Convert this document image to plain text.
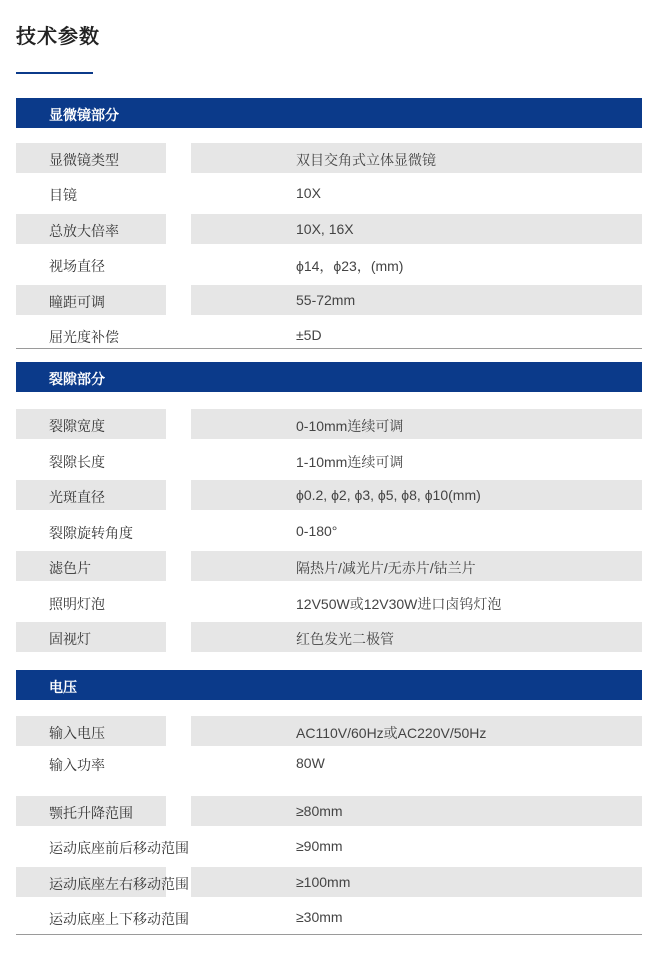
技术参数
显微镜部分
显微镜类型	双目交角式立体显微镜
目镜	10X
总放大倍率	10X, 16X
视场直径	ϕ14，ϕ23，(mm)
瞳距可调	55-72mm
屈光度补偿	±5D
裂隙部分
裂隙宽度	0-10mm连续可调
裂隙长度	1-10mm连续可调
光斑直径	ϕ0.2, ϕ2, ϕ3, ϕ5, ϕ8, ϕ10(mm)
裂隙旋转角度	0-180°
滤色片	隔热片/减光片/无赤片/钴兰片
照明灯泡	12V50W或12V30W进口卤钨灯泡
固视灯	红色发光二极管
电压
输入电压	AC110V/60Hz或AC220V/50Hz
输入功率	80W
颚托升降范围	≥80mm
运动底座前后移动范围	≥90mm
运动底座左右移动范围	≥100mm
运动底座上下移动范围	≥30mm
